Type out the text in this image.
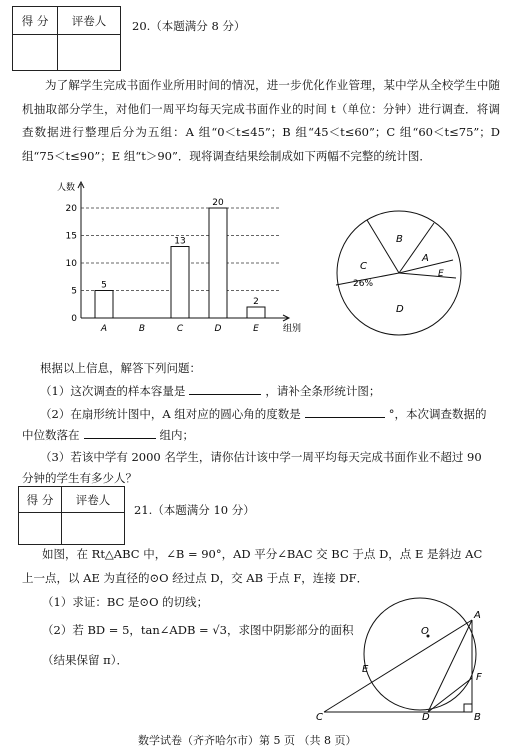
得 分	评卷人
	20.（本题满分 8 分）
为了解学生完成书面作业所用时间的情况，进一步优化作业管理，某中学从全校学生中随机抽取部分学生，对他们一周平均每天完成书面作业的时间 t（单位：分钟）进行调查．将调查数据进行整理后分为五组：A 组“0＜t≤45”；B 组“45＜t≤60”；C 组“60＜t≤75”；D 组“75＜t≤90”；E 组“t＞90”．现将调查结果绘制成如下两幅不完整的统计图．
人数
组别
0
5
10
15
20
5
A	B
13
C
20
D
2
E
B
A
E
C
26%
D
根据以上信息，解答下列问题：
（1）这次调查的样本容量是	，请补全条形统计图；
（2）在扇形统计图中，A 组对应的圆心角的度数是	°，本次调查数据的
中位数落在	组内；
（3）若该中学有 2000 名学生，请你估计该中学一周平均每天完成书面作业不超过 90
分钟的学生有多少人？
得 分	评卷人

21.（本题满分 10 分）
如图，在 Rt△ABC 中，∠B = 90°，AD 平分∠BAC 交 BC 于点 D，点 E 是斜边 AC
上一点，以 AE 为直径的⊙O 经过点 D，交 AB 于点 F，连接 DF．
（1）求证：BC 是⊙O 的切线；
（2）若 BD = 5，tan∠ADB = √3，求图中阴影部分的面积
（结果保留 π）．
A
B
C	D
E
F
O
数学试卷（齐齐哈尔市）第 5 页 （共 8 页）
